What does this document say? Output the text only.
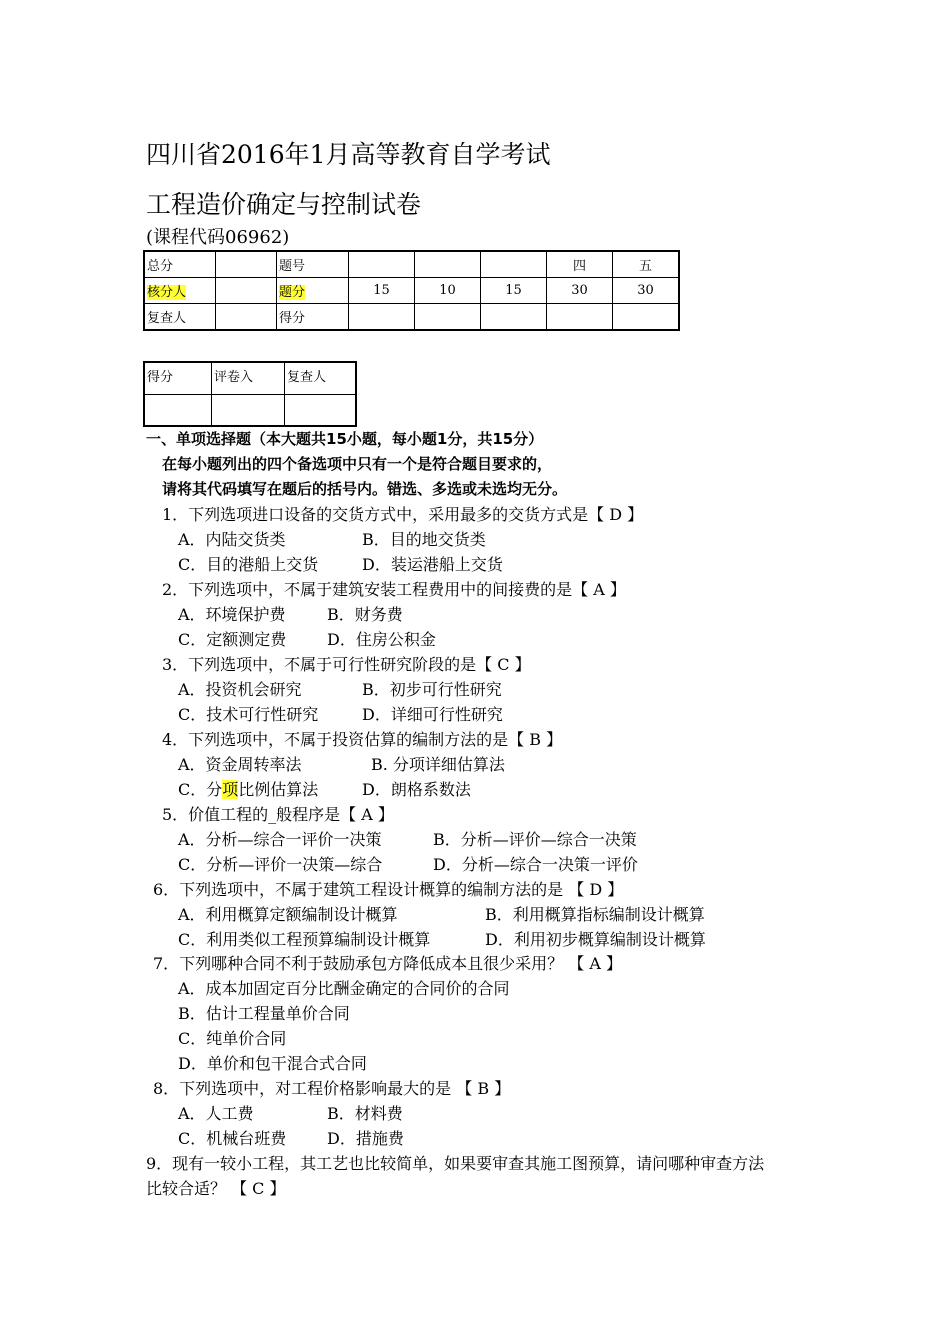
四川省2016年1月高等教育自学考试
工程造价确定与控制试卷
(课程代码06962)
总分		题号				四	五
核分人		题分	15	10	15	30	30
复查人		得分					
得分	评卷入	复查人

一、单项选择题（本大题共15小题，每小题1分，共15分）
在每小题列出的四个备选项中只有一个是符合题目要求的，
请将其代码填写在题后的括号内。错选、多选或未选均无分。
1．下列选项进口设备的交货方式中，采用最多的交货方式是【 D 】
A．内陆交货类	B．目的地交货类
C．目的港船上交货	D．装运港船上交货
2．下列选项中，不属于建筑安装工程费用中的间接费的是【 A 】
A．环境保护费	B．财务费
C．定额测定费	D．住房公积金
3．下列选项中，不属于可行性研究阶段的是【 C 】
A．投资机会研究	B．初步可行性研究
C．技术可行性研究	D．详细可行性研究
4．下列选项中，不属于投资估算的编制方法的是【 B 】
A．资金周转率法	B. 分项详细估算法
C．分项比例估算法	D．朗格系数法
5．价值工程的_般程序是【 A 】
A．分析—综合一评价一决策	B．分析—评价—综合一决策
C．分析—评价一决策—综合	D．分析—综合一决策一评价
6．下列选项中，不属于建筑工程设计概算的编制方法的是 【 D 】
A．利用概算定额编制设计概算	B．利用概算指标编制设计概算
C．利用类似工程预算编制设计概算	D．利用初步概算编制设计概算
7．下列哪种合同不利于鼓励承包方降低成本且很少采用？ 【 A 】
A．成本加固定百分比酬金确定的合同价的合同
B．估计工程量单价合同
C．纯单价合同
D．单价和包干混合式合同
8．下列选项中，对工程价格影响最大的是 【 B 】
A．人工费	B．材料费
C．机械台班费	D．措施费
9．现有一较小工程，其工艺也比较简单，如果要审查其施工图预算，请问哪种审查方法
比较合适？ 【 C 】
